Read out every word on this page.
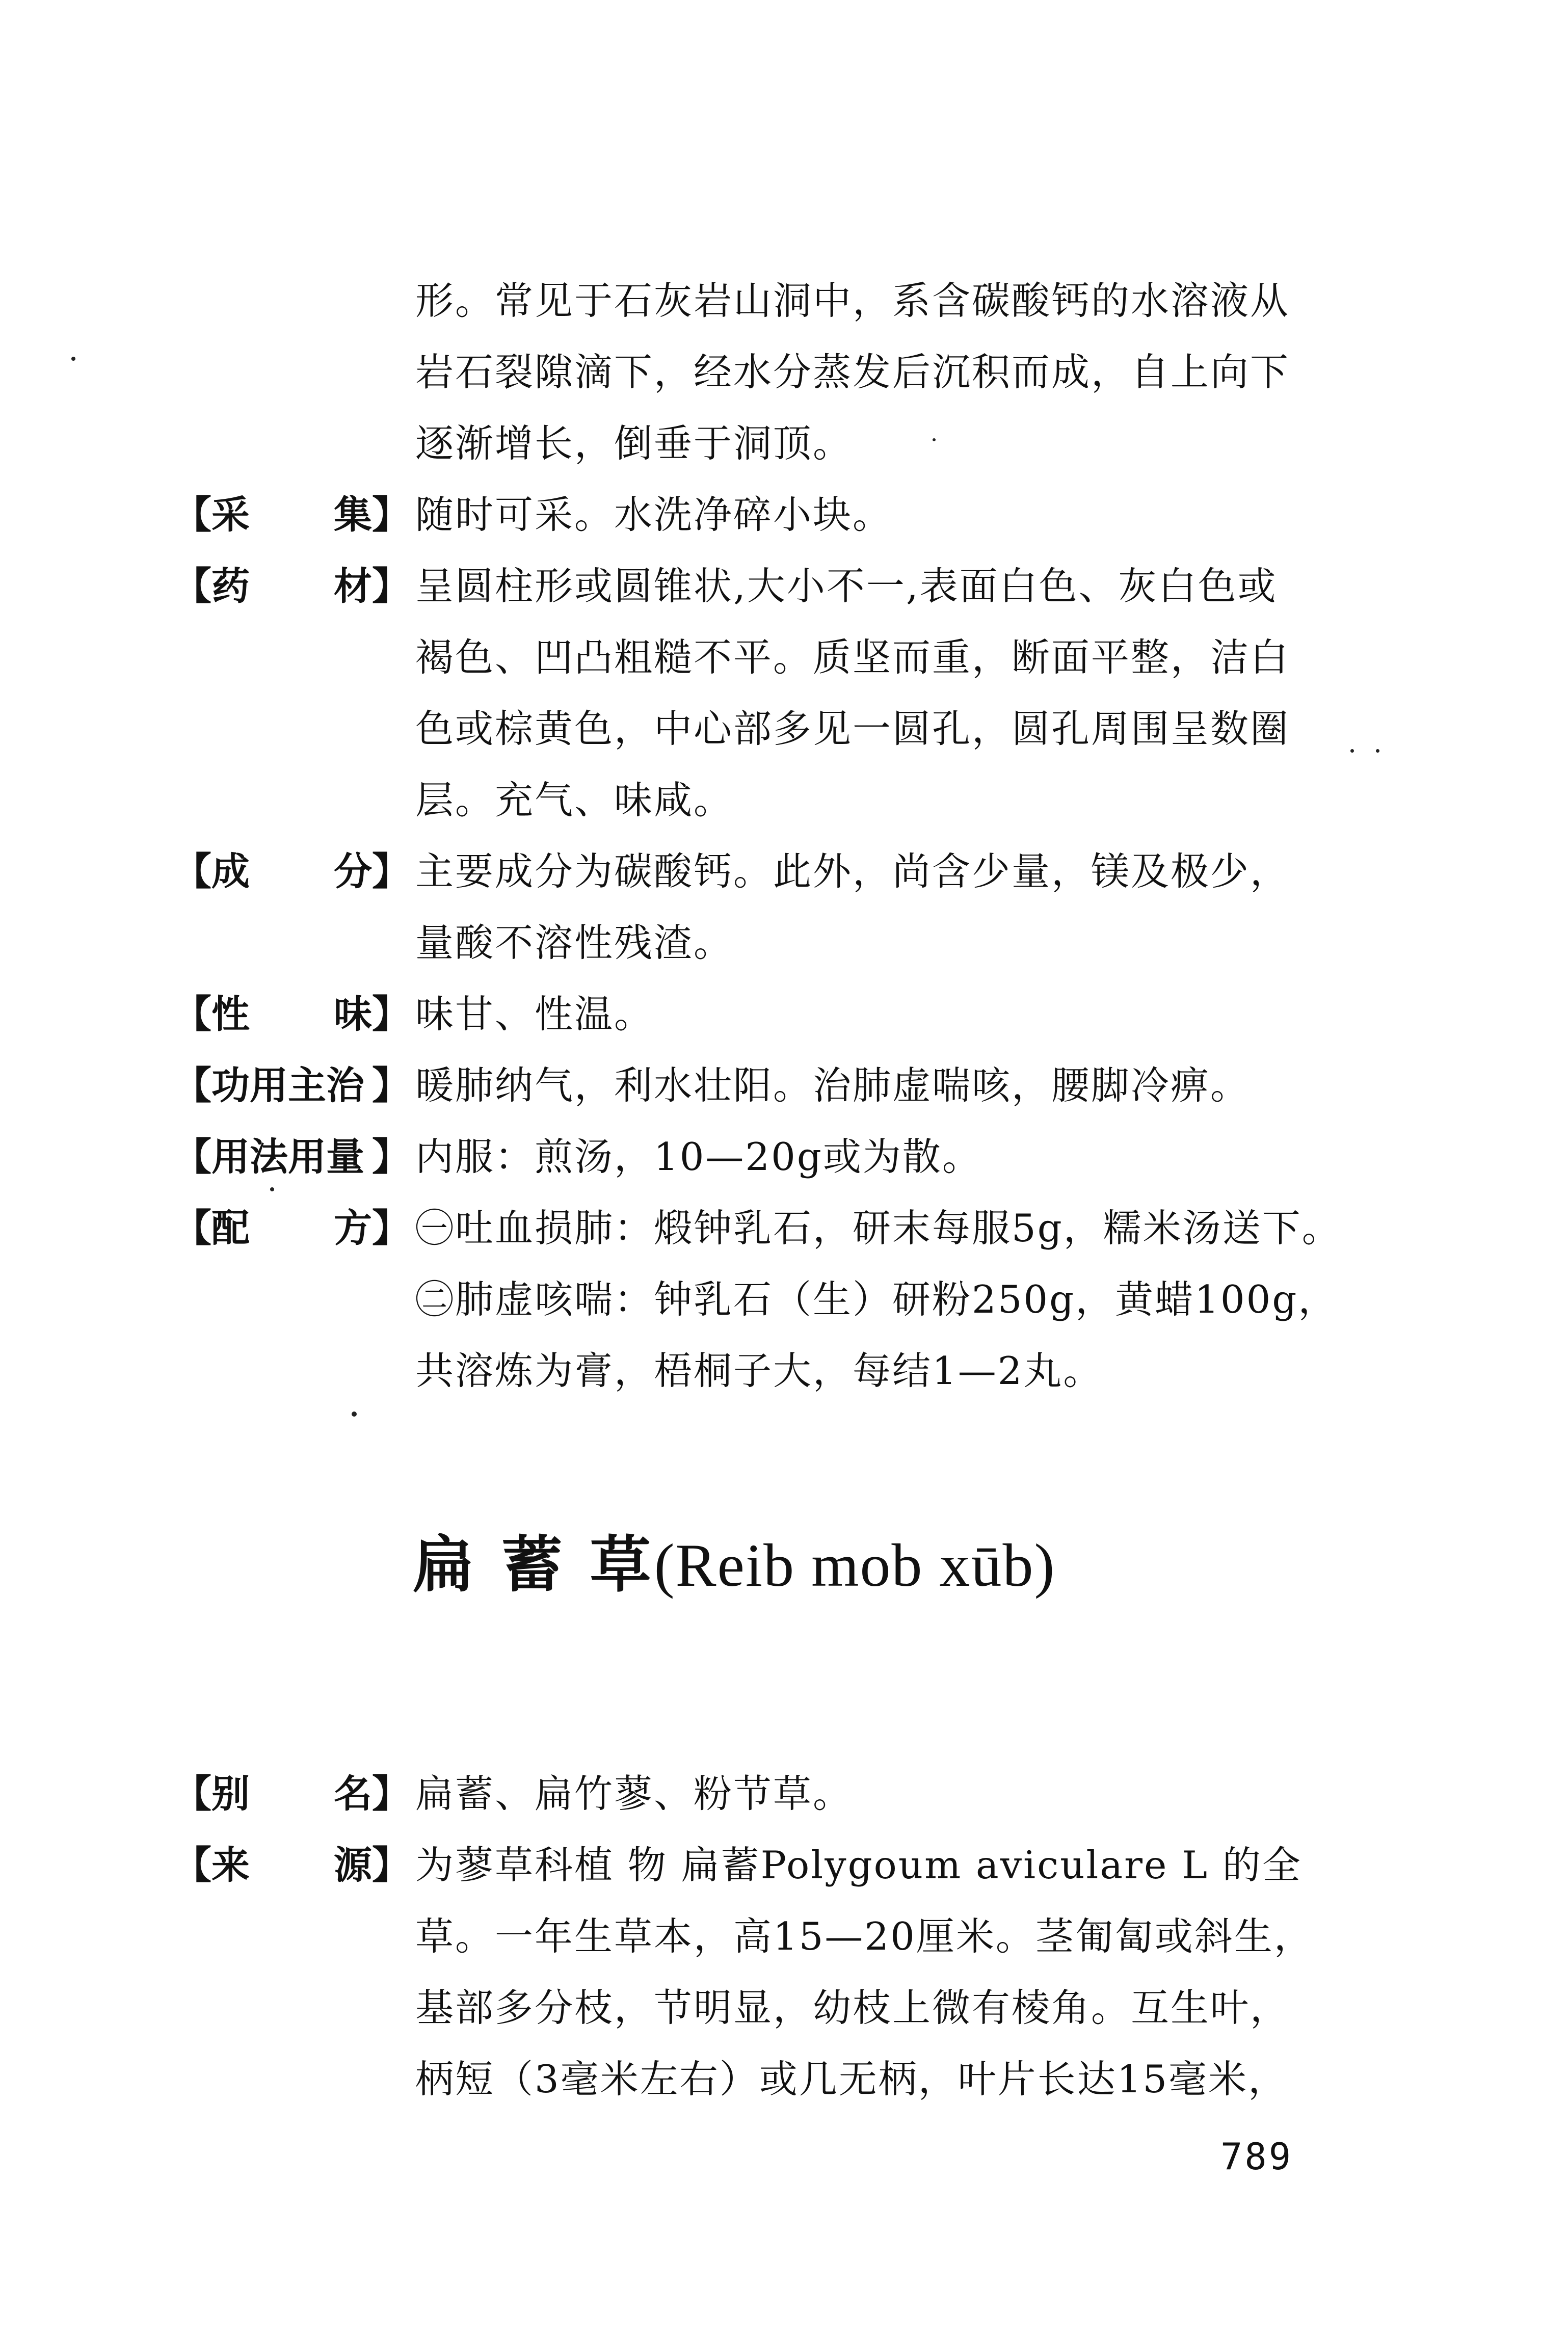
形。常见于石灰岩山洞中，系含碳酸钙的水溶液从
岩石裂隙滴下，经水分蒸发后沉积而成，自上向下
逐渐增长，倒垂于洞顶。
【采 集】 随时可采。水洗净碎小块。
【药 材】 呈圆柱形或圆锥状,大小不一,表面白色、灰白色或
褐色、凹凸粗糙不平。质坚而重，断面平整，洁白
色或棕黄色，中心部多见一圆孔，圆孔周围呈数圈
层。充气、味咸。
【成 分】 主要成分为碳酸钙。此外，尚含少量，镁及极少，
量酸不溶性残渣。
【性 味】 味甘、性温。
【功用主治 】 暖肺纳气，利水壮阳。治肺虚喘咳，腰脚冷痹。
【用法用量 】 内服：煎汤，10—20g或为散。
【配 方】 ㊀吐血损肺：煅钟乳石，研末每服5g，糯米汤送下。
㊁肺虚咳喘：钟乳石（生）研粉250g，黄蜡100g，
共溶炼为膏，梧桐子大，每结1—2丸。
扁 蓄 草(Reib mob xūb)
【别 名】 扁蓄、扁竹蓼、粉节草。
【来 源】 为蓼草科植 物 扁蓄Polygoum aviculare L 的全
草。一年生草本，高15—20厘米。茎匍匐或斜生，
基部多分枝，节明显，幼枝上微有棱角。互生叶，
柄短（3毫米左右）或几无柄，叶片长达15毫米，
789
